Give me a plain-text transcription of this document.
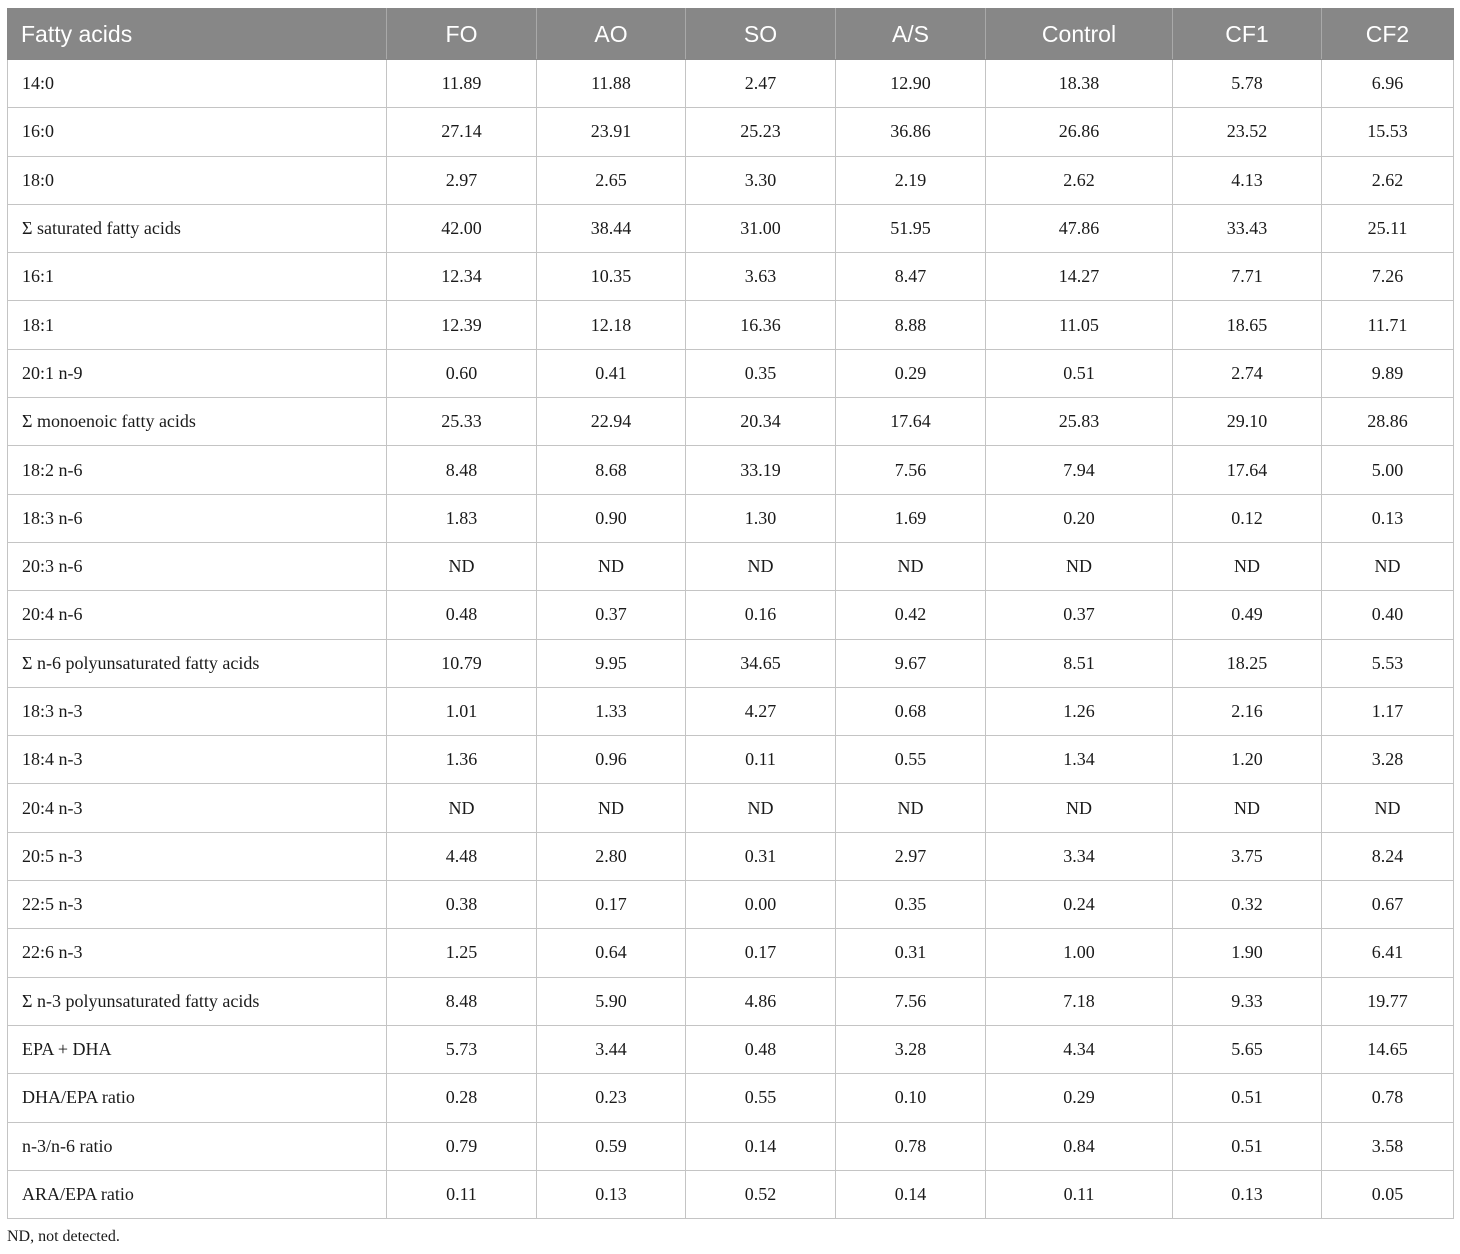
Fatty acids	FO	AO	SO	A/S	Control	CF1	CF2
14:0	11.89	11.88	2.47	12.90	18.38	5.78	6.96
16:0	27.14	23.91	25.23	36.86	26.86	23.52	15.53
18:0	2.97	2.65	3.30	2.19	2.62	4.13	2.62
Σ saturated fatty acids	42.00	38.44	31.00	51.95	47.86	33.43	25.11
16:1	12.34	10.35	3.63	8.47	14.27	7.71	7.26
18:1	12.39	12.18	16.36	8.88	11.05	18.65	11.71
20:1 n-9	0.60	0.41	0.35	0.29	0.51	2.74	9.89
Σ monoenoic fatty acids	25.33	22.94	20.34	17.64	25.83	29.10	28.86
18:2 n-6	8.48	8.68	33.19	7.56	7.94	17.64	5.00
18:3 n-6	1.83	0.90	1.30	1.69	0.20	0.12	0.13
20:3 n-6	ND	ND	ND	ND	ND	ND	ND
20:4 n-6	0.48	0.37	0.16	0.42	0.37	0.49	0.40
Σ n-6 polyunsaturated fatty acids	10.79	9.95	34.65	9.67	8.51	18.25	5.53
18:3 n-3	1.01	1.33	4.27	0.68	1.26	2.16	1.17
18:4 n-3	1.36	0.96	0.11	0.55	1.34	1.20	3.28
20:4 n-3	ND	ND	ND	ND	ND	ND	ND
20:5 n-3	4.48	2.80	0.31	2.97	3.34	3.75	8.24
22:5 n-3	0.38	0.17	0.00	0.35	0.24	0.32	0.67
22:6 n-3	1.25	0.64	0.17	0.31	1.00	1.90	6.41
Σ n-3 polyunsaturated fatty acids	8.48	5.90	4.86	7.56	7.18	9.33	19.77
EPA + DHA	5.73	3.44	0.48	3.28	4.34	5.65	14.65
DHA/EPA ratio	0.28	0.23	0.55	0.10	0.29	0.51	0.78
n-3/n-6 ratio	0.79	0.59	0.14	0.78	0.84	0.51	3.58
ARA/EPA ratio	0.11	0.13	0.52	0.14	0.11	0.13	0.05
ND, not detected.
